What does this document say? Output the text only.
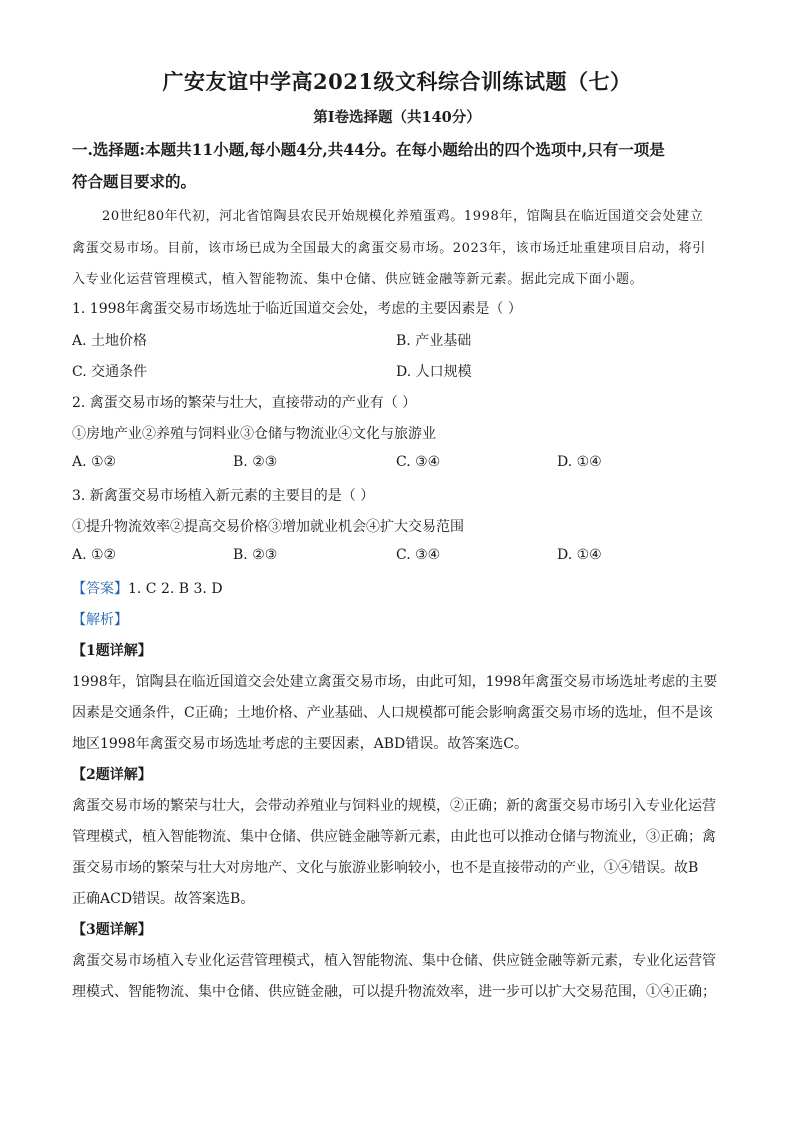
广安友谊中学高2021级文科综合训练试题（七）
第Ⅰ卷选择题（共140分）
一.选择题:本题共11小题,每小题4分,共44分。在每小题给出的四个选项中,只有一项是
符合题目要求的。
20世纪80年代初，河北省馆陶县农民开始规模化养殖蛋鸡。1998年，馆陶县在临近国道交会处建立
禽蛋交易市场。目前，该市场已成为全国最大的禽蛋交易市场。2023年，该市场迁址重建项目启动，将引
入专业化运营管理模式，植入智能物流、集中仓储、供应链金融等新元素。据此完成下面小题。
1. 1998年禽蛋交易市场选址于临近国道交会处，考虑的主要因素是（ ）
A. 土地价格	B. 产业基础
C. 交通条件	D. 人口规模
2. 禽蛋交易市场的繁荣与壮大，直接带动的产业有（ ）
①房地产业②养殖与饲料业③仓储与物流业④文化与旅游业
A. ①②	B. ②③	C. ③④	D. ①④
3. 新禽蛋交易市场植入新元素的主要目的是（ ）
①提升物流效率②提高交易价格③增加就业机会④扩大交易范围
A. ①②	B. ②③	C. ③④	D. ①④
【答案】1. C 2. B 3. D
【解析】
【1题详解】
1998年，馆陶县在临近国道交会处建立禽蛋交易市场，由此可知，1998年禽蛋交易市场选址考虑的主要
因素是交通条件，C正确；土地价格、产业基础、人口规模都可能会影响禽蛋交易市场的选址，但不是该
地区1998年禽蛋交易市场选址考虑的主要因素，ABD错误。故答案选C。
【2题详解】
禽蛋交易市场的繁荣与壮大，会带动养殖业与饲料业的规模，②正确；新的禽蛋交易市场引入专业化运营
管理模式，植入智能物流、集中仓储、供应链金融等新元素，由此也可以推动仓储与物流业，③正确；禽
蛋交易市场的繁荣与壮大对房地产、文化与旅游业影响较小，也不是直接带动的产业，①④错误。故B
正确ACD错误。故答案选B。
【3题详解】
禽蛋交易市场植入专业化运营管理模式，植入智能物流、集中仓储、供应链金融等新元素，专业化运营管
理模式、智能物流、集中仓储、供应链金融，可以提升物流效率，进一步可以扩大交易范围，①④正确；
